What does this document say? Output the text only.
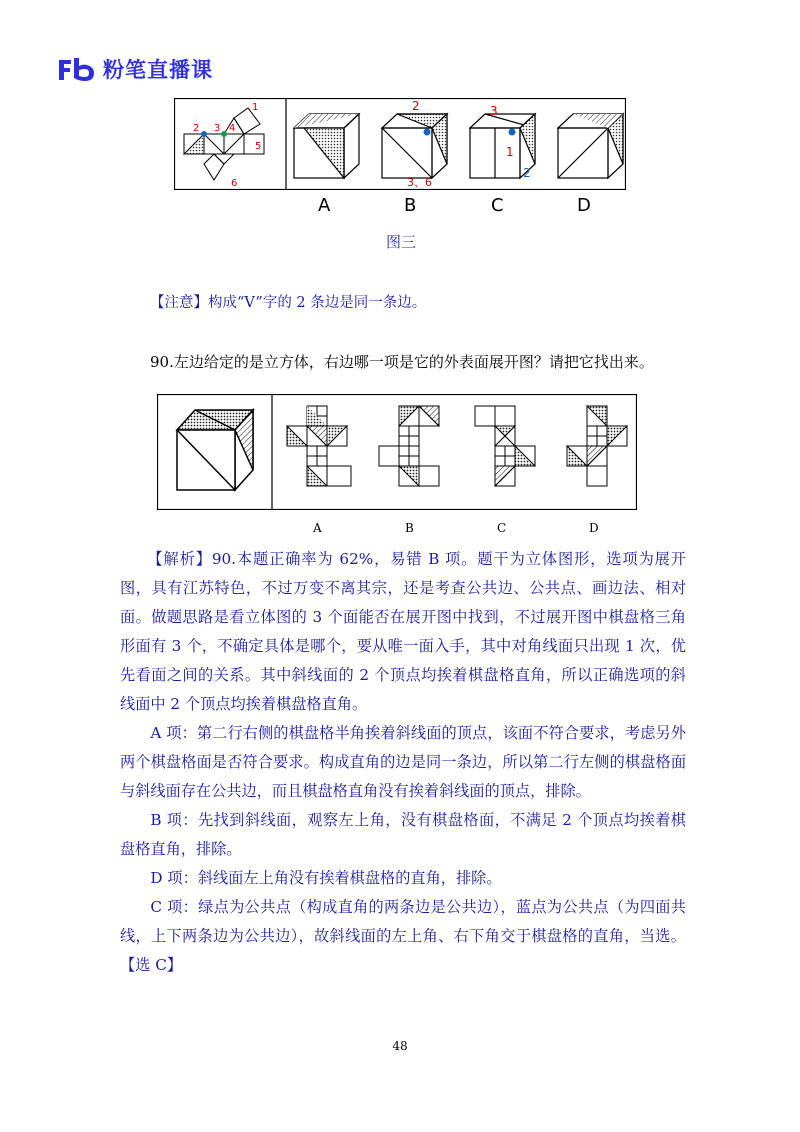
粉笔直播课
1
2 3 4
5
6
2
3、6
3
1
2
A	B	C	D
图三
【注意】构成“V”字的 2 条边是同一条边。
90.左边给定的是立方体，右边哪一项是它的外表面展开图？请把它找出来。
A	B	C	D

【解析】90.本题正确率为 62%，易错 B 项。题干为立体图形，选项为展开图，具有江苏特色，不过万变不离其宗，还是考查公共边、公共点、画边法、相对面。做题思路是看立体图的 3 个面能否在展开图中找到，不过展开图中棋盘格三角形面有 3 个，不确定具体是哪个，要从唯一面入手，其中对角线面只出现 1 次，优先看面之间的关系。其中斜线面的 2 个顶点均挨着棋盘格直角，所以正确选项的斜线面中 2 个顶点均挨着棋盘格直角。

A 项：第二行右侧的棋盘格半角挨着斜线面的顶点，该面不符合要求，考虑另外两个棋盘格面是否符合要求。构成直角的边是同一条边，所以第二行左侧的棋盘格面与斜线面存在公共边，而且棋盘格直角没有挨着斜线面的顶点，排除。

B 项：先找到斜线面，观察左上角，没有棋盘格面，不满足 2 个顶点均挨着棋盘格直角，排除。

D 项：斜线面左上角没有挨着棋盘格的直角，排除。

C 项：绿点为公共点（构成直角的两条边是公共边），蓝点为公共点（为四面共线，上下两条边为公共边），故斜线面的左上角、右下角交于棋盘格的直角，当选。【选 C】

48
